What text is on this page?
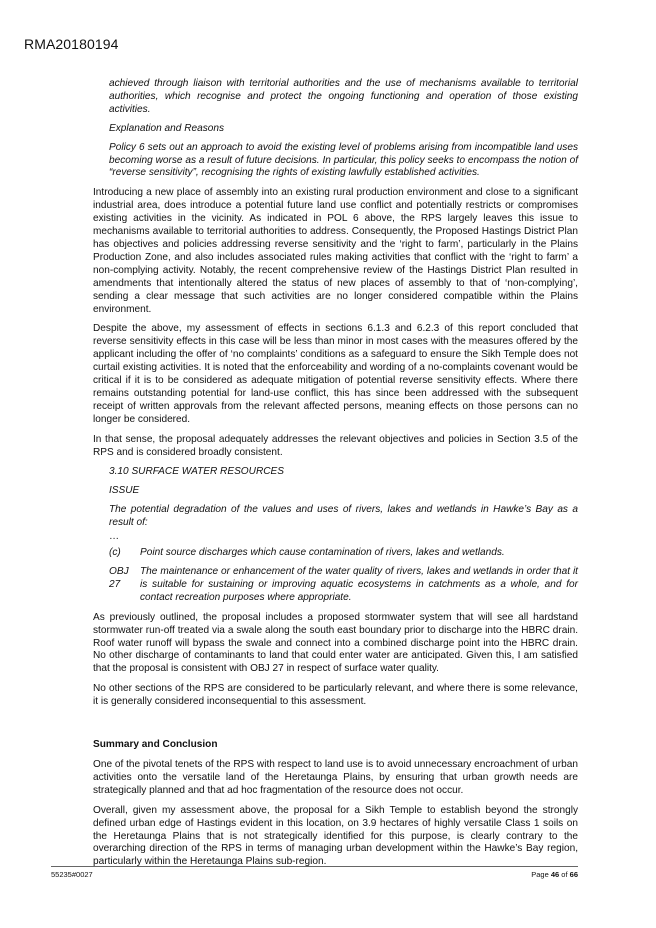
RMA20180194

achieved through liaison with territorial authorities and the use of mechanisms available to territorial authorities, which recognise and protect the ongoing functioning and operation of those existing activities.

Explanation and Reasons

Policy 6 sets out an approach to avoid the existing level of problems arising from incompatible land uses becoming worse as a result of future decisions. In particular, this policy seeks to encompass the notion of “reverse sensitivity”, recognising the rights of existing lawfully established activities.

Introducing a new place of assembly into an existing rural production environment and close to a significant industrial area, does introduce a potential future land use conflict and potentially restricts or compromises existing activities in the vicinity. As indicated in POL 6 above, the RPS largely leaves this issue to mechanisms available to territorial authorities to address. Consequently, the Proposed Hastings District Plan has objectives and policies addressing reverse sensitivity and the ‘right to farm’, particularly in the Plains Production Zone, and also includes associated rules making activities that conflict with the ‘right to farm’ a non-complying activity. Notably, the recent comprehensive review of the Hastings District Plan resulted in amendments that intentionally altered the status of new places of assembly to that of ‘non-complying’, sending a clear message that such activities are no longer considered compatible within the Plains environment.

Despite the above, my assessment of effects in sections 6.1.3 and 6.2.3 of this report concluded that reverse sensitivity effects in this case will be less than minor in most cases with the measures offered by the applicant including the offer of ‘no complaints’ conditions as a safeguard to ensure the Sikh Temple does not curtail existing activities. It is noted that the enforceability and wording of a no-complaints covenant would be critical if it is to be considered as adequate mitigation of potential reverse sensitivity effects. Where there remains outstanding potential for land-use conflict, this has since been addressed with the subsequent receipt of written approvals from the relevant affected persons, meaning effects on those persons can no longer be considered.

In that sense, the proposal adequately addresses the relevant objectives and policies in Section 3.5 of the RPS and is considered broadly consistent.

3.10 SURFACE WATER RESOURCES

ISSUE

The potential degradation of the values and uses of rivers, lakes and wetlands in Hawke’s Bay as a result of:

…

(c)	Point source discharges which cause contamination of rivers, lakes and wetlands.
OBJ 27
The maintenance or enhancement of the water quality of rivers, lakes and wetlands in order that it is suitable for sustaining or improving aquatic ecosystems in catchments as a whole, and for contact recreation purposes where appropriate.

As previously outlined, the proposal includes a proposed stormwater system that will see all hardstand stormwater run-off treated via a swale along the south east boundary prior to discharge into the HBRC drain. Roof water runoff will bypass the swale and connect into a combined discharge point into the HBRC drain. No other discharge of contaminants to land that could enter water are anticipated. Given this, I am satisfied that the proposal is consistent with OBJ 27 in respect of surface water quality.

No other sections of the RPS are considered to be particularly relevant, and where there is some relevance, it is generally considered inconsequential to this assessment.

Summary and Conclusion

One of the pivotal tenets of the RPS with respect to land use is to avoid unnecessary encroachment of urban activities onto the versatile land of the Heretaunga Plains, by ensuring that urban growth needs are strategically planned and that ad hoc fragmentation of the resource does not occur.

Overall, given my assessment above, the proposal for a Sikh Temple to establish beyond the strongly defined urban edge of Hastings evident in this location, on 3.9 hectares of highly versatile Class 1 soils on the Heretaunga Plains that is not strategically identified for this purpose, is clearly contrary to the overarching direction of the RPS in terms of managing urban development within the Hawke’s Bay region, particularly within the Heretaunga Plains sub-region.

55235#0027	Page 46 of 66
